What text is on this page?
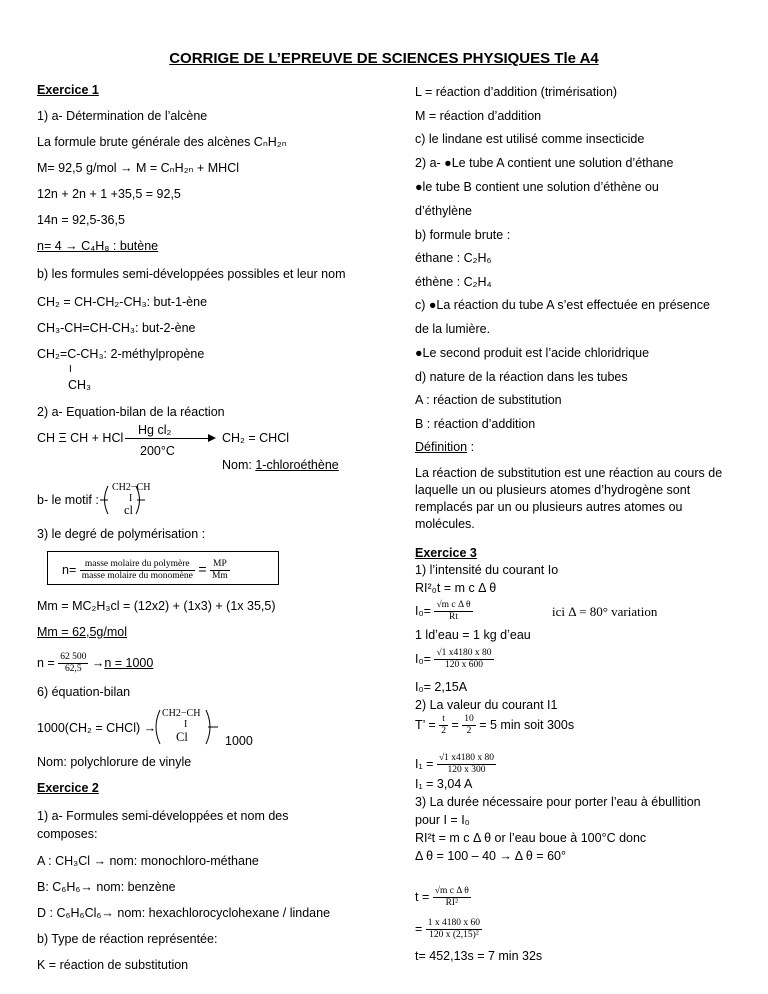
CORRIGE DE L’EPREUVE DE SCIENCES PHYSIQUES Tle A4
Exercice 1
1) a- Détermination de l’alcène
La formule brute générale des alcènes CₙH₂ₙ
M= 92,5 g/mol → M = CₙH₂ₙ + MHCl
12n + 2n + 1 +35,5 = 92,5
14n = 92,5-36,5
n= 4 → C₄H₈ : butène
b) les formules semi-développées possibles et leur nom
CH₂ = CH-CH₂-CH₃: but-1-ène
CH₃-CH=CH-CH₃: but-2-ène
CH₂=C-CH₃: 2-méthylpropène
I
CH₃
2) a- Equation-bilan de la réaction
CH Ξ CH + HCl
Hg cl₂
200°C
CH₂ = CHCl
Nom: 1-chloroéthène
b- le motif :
CH2−CH
I
cl
3) le degré de polymérisation :
$n= \frac{\text{masse molaire du polymère}}{\text{masse molaire du monomène}} = \frac{MP}{Mm}$
Mm = MC₂H₃cl = (12x2) + (1x3) + (1x 35,5)
Mm = 62,5g/mol
$n = \frac{62 500}{62,5} \to n = 1000$
6) équation-bilan
1000(CH₂ = CHCl) →
CH2−CH
I
Cl	1000
Nom: polychlorure de vinyle
Exercice 2
1) a- Formules semi-développées et nom des
composes:
A : CH₃Cl → nom: monochloro-méthane
B: C₆H₆→ nom: benzène
D : C₆H₆Cl₆→ nom: hexachlorocyclohexane / lindane
b) Type de réaction représentée:
K = réaction de substitution
L = réaction d’addition (trimérisation)
M = réaction d’addition
c) le lindane est utilisé comme insecticide
2) a- ●Le tube A contient une solution d’éthane
●le tube B contient une solution d’éthène ou
d’éthylène
b) formule brute :
éthane : C₂H₆
éthène : C₂H₄
c) ●La réaction du tube A s’est effectuée en présence
de la lumière.
●Le second produit est l’acide chloridrique
d) nature de la réaction dans les tubes
A : réaction de substitution
B : réaction d’addition
Définition :
La réaction de substitution est une réaction au cours de laquelle un ou plusieurs atomes d’hydrogène sont remplacés par un ou plusieurs autres atomes ou molécules.
Exercice 3
1) l’intensité du courant Io
RI²₀t = m c Δ θ
$I_0= \frac{\text{√m c Δ θ}}{Rt}$	ici Δ = 80° variation
1 ldʼeau = 1 kg dʼeau
$I_0= \frac{√1 x4180 x 80}{120 x 600}$
I₀= 2,15A
2) La valeur du courant I1
T’ = $\frac{t}{2} = \frac{10}{2} = 5$ min soit 300s
$I_1 = \frac{√1 x4180 x 80}{120 x 300}$
I₁ = 3,04 A
3) La durée nécessaire pour porter l’eau à ébullition
pour I = I₀
RI²t = m c Δ θ or l’eau boue à 100°C donc
Δ θ = 100 – 40 → Δ θ = 60°
$t = \frac{\text{√m c Δ θ}}{\text{RI²}}$
= $\frac{1 x 4180 x 60}{\text{120 x (2,15)²}}$
t= 452,13s = 7 min 32s
